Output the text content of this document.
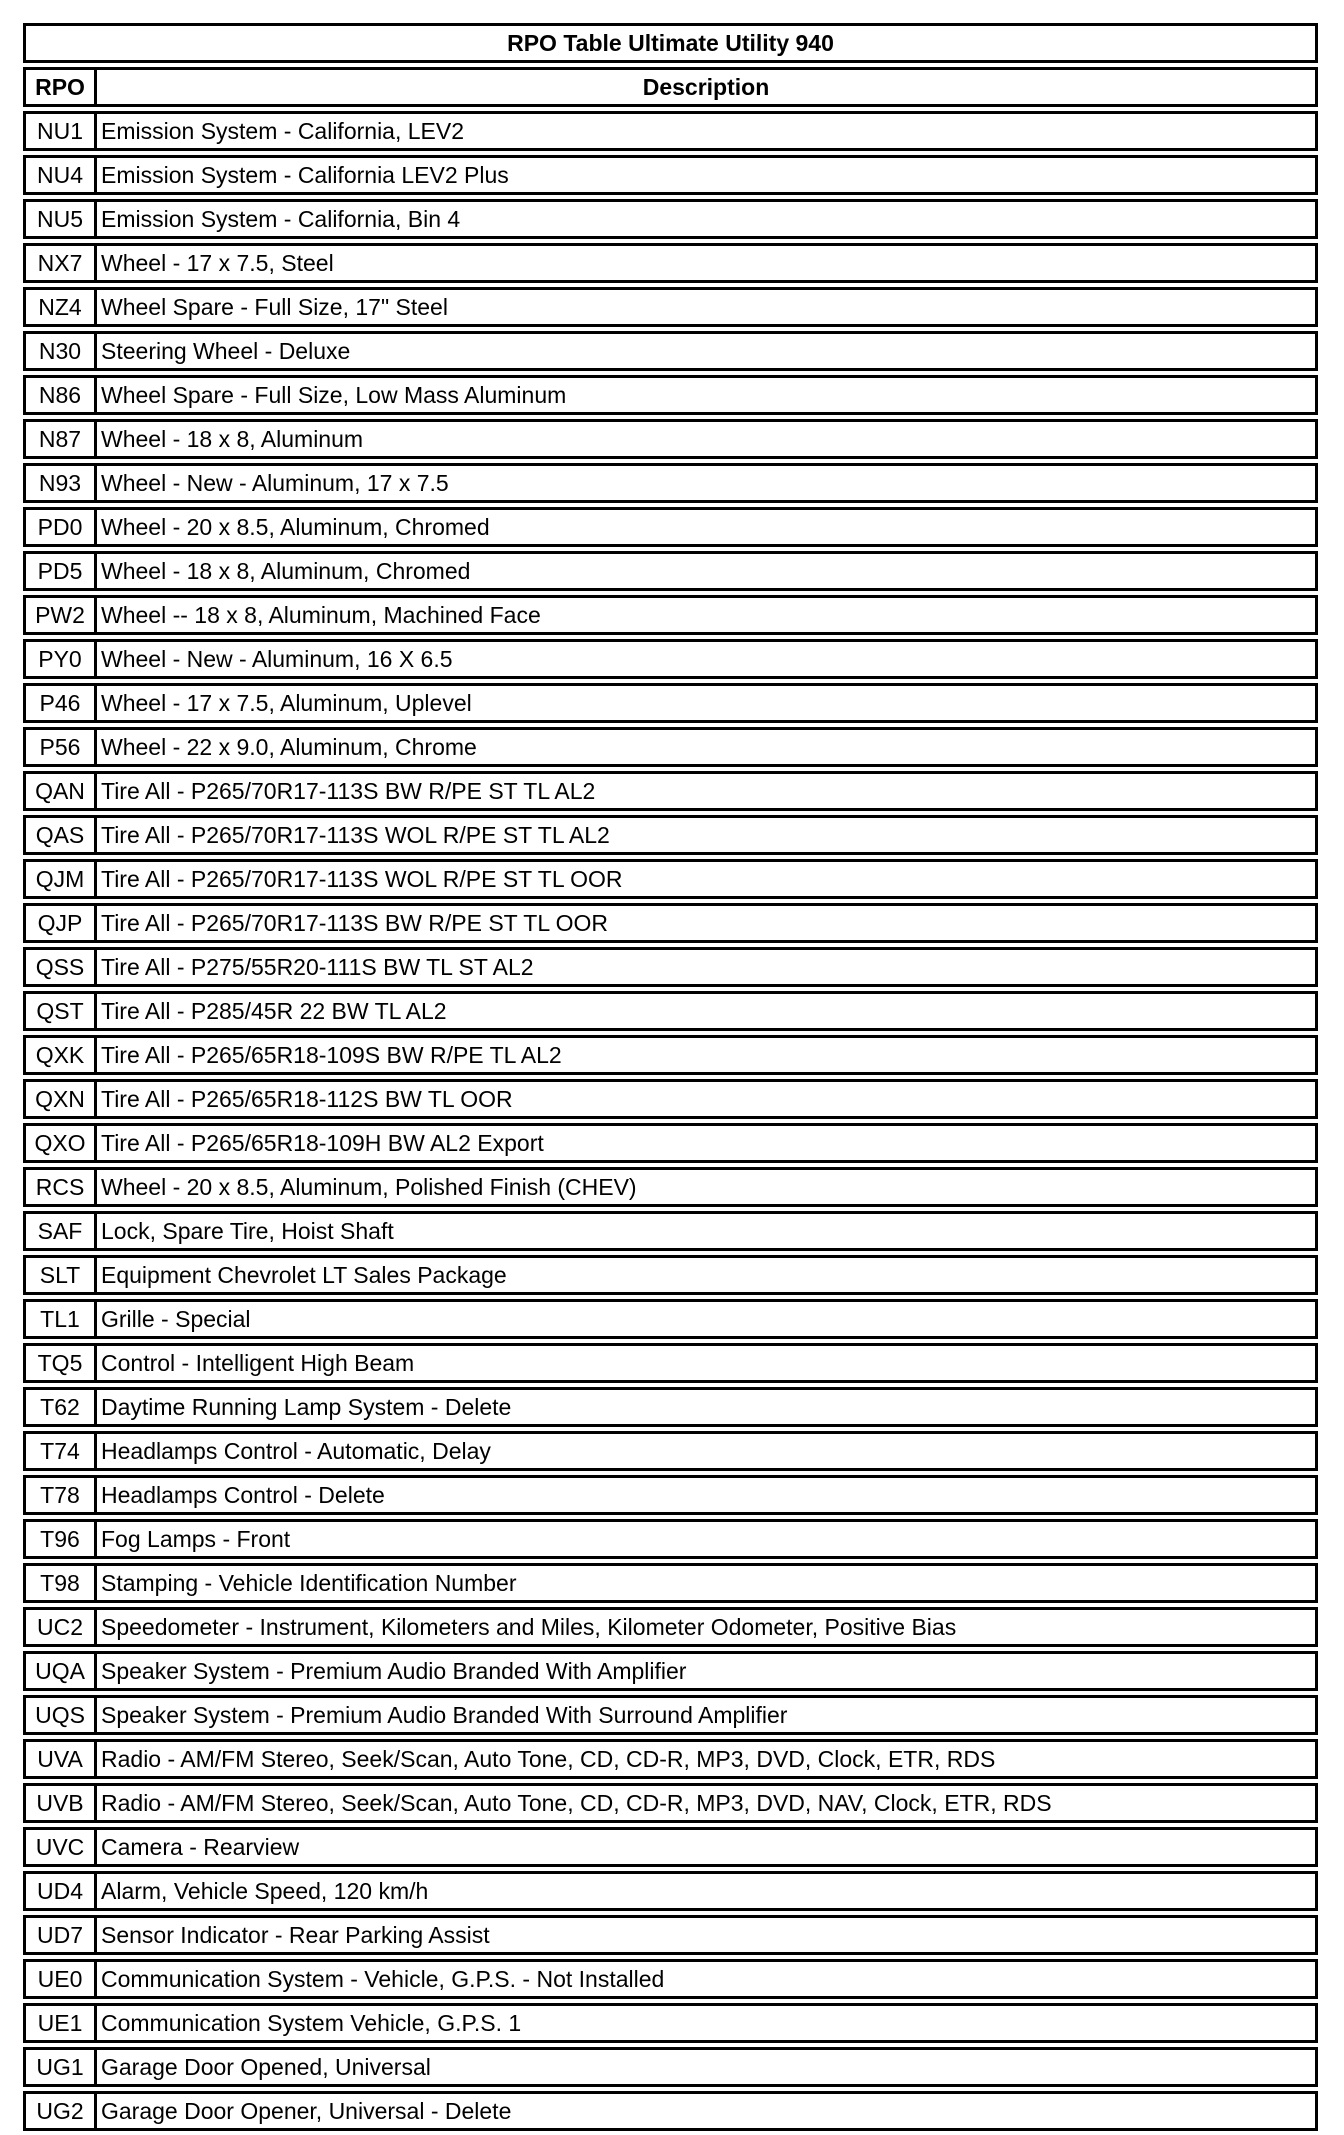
RPO Table Ultimate Utility 940	
RPO	Description
NU1	Emission System - California, LEV2
NU4	Emission System - California LEV2 Plus
NU5	Emission System - California, Bin 4
NX7	Wheel - 17 x 7.5, Steel
NZ4	Wheel Spare - Full Size, 17" Steel
N30	Steering Wheel - Deluxe
N86	Wheel Spare - Full Size, Low Mass Aluminum
N87	Wheel - 18 x 8, Aluminum
N93	Wheel - New - Aluminum, 17 x 7.5
PD0	Wheel - 20 x 8.5, Aluminum, Chromed
PD5	Wheel - 18 x 8, Aluminum, Chromed
PW2	Wheel -- 18 x 8, Aluminum, Machined Face
PY0	Wheel - New - Aluminum, 16 X 6.5
P46	Wheel - 17 x 7.5, Aluminum, Uplevel
P56	Wheel - 22 x 9.0, Aluminum, Chrome
QAN	Tire All - P265/70R17-113S BW R/PE ST TL AL2
QAS	Tire All - P265/70R17-113S WOL R/PE ST TL AL2
QJM	Tire All - P265/70R17-113S WOL R/PE ST TL OOR
QJP	Tire All - P265/70R17-113S BW R/PE ST TL OOR
QSS	Tire All - P275/55R20-111S BW TL ST AL2
QST	Tire All - P285/45R 22 BW TL AL2
QXK	Tire All - P265/65R18-109S BW R/PE TL AL2
QXN	Tire All - P265/65R18-112S BW TL OOR
QXO	Tire All - P265/65R18-109H BW AL2 Export
RCS	Wheel - 20 x 8.5, Aluminum, Polished Finish (CHEV)
SAF	Lock, Spare Tire, Hoist Shaft
SLT	Equipment Chevrolet LT Sales Package
TL1	Grille - Special
TQ5	Control - Intelligent High Beam
T62	Daytime Running Lamp System - Delete
T74	Headlamps Control - Automatic, Delay
T78	Headlamps Control - Delete
T96	Fog Lamps - Front
T98	Stamping - Vehicle Identification Number
UC2	Speedometer - Instrument, Kilometers and Miles, Kilometer Odometer, Positive Bias
UQA	Speaker System - Premium Audio Branded With Amplifier
UQS	Speaker System - Premium Audio Branded With Surround Amplifier
UVA	Radio - AM/FM Stereo, Seek/Scan, Auto Tone, CD, CD-R, MP3, DVD, Clock, ETR, RDS
UVB	Radio - AM/FM Stereo, Seek/Scan, Auto Tone, CD, CD-R, MP3, DVD, NAV, Clock, ETR, RDS
UVC	Camera - Rearview
UD4	Alarm, Vehicle Speed, 120 km/h
UD7	Sensor Indicator - Rear Parking Assist
UE0	Communication System - Vehicle, G.P.S. - Not Installed
UE1	Communication System Vehicle, G.P.S. 1
UG1	Garage Door Opened, Universal
UG2	Garage Door Opener, Universal - Delete
